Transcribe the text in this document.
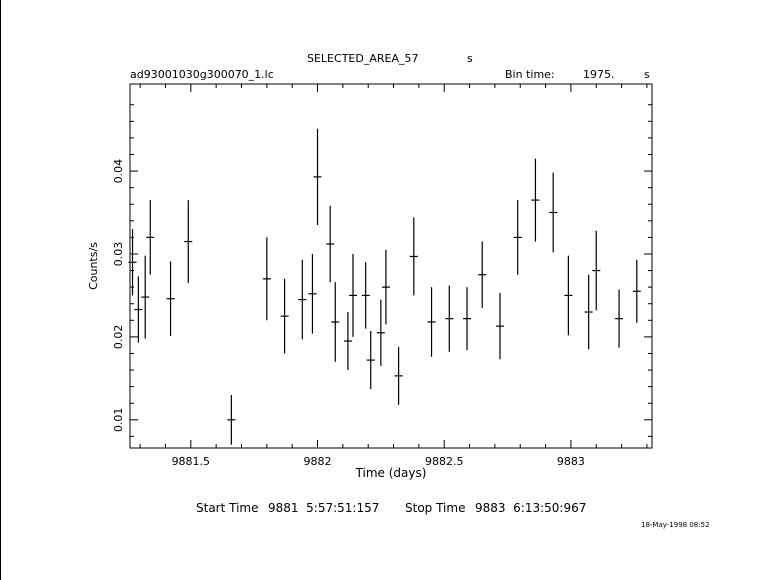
SELECTED_AREA_57	s
ad93001030g300070_1.lc	Bin time:	1975.	s
9881.5	9882	9882.5	9883
0.01
0.02
0.03
0.04
Time (days)
Counts/s
Start Time 9881  5:57:51:157 Stop Time 9883  6:13:50:967
18-May-1998 08:52
